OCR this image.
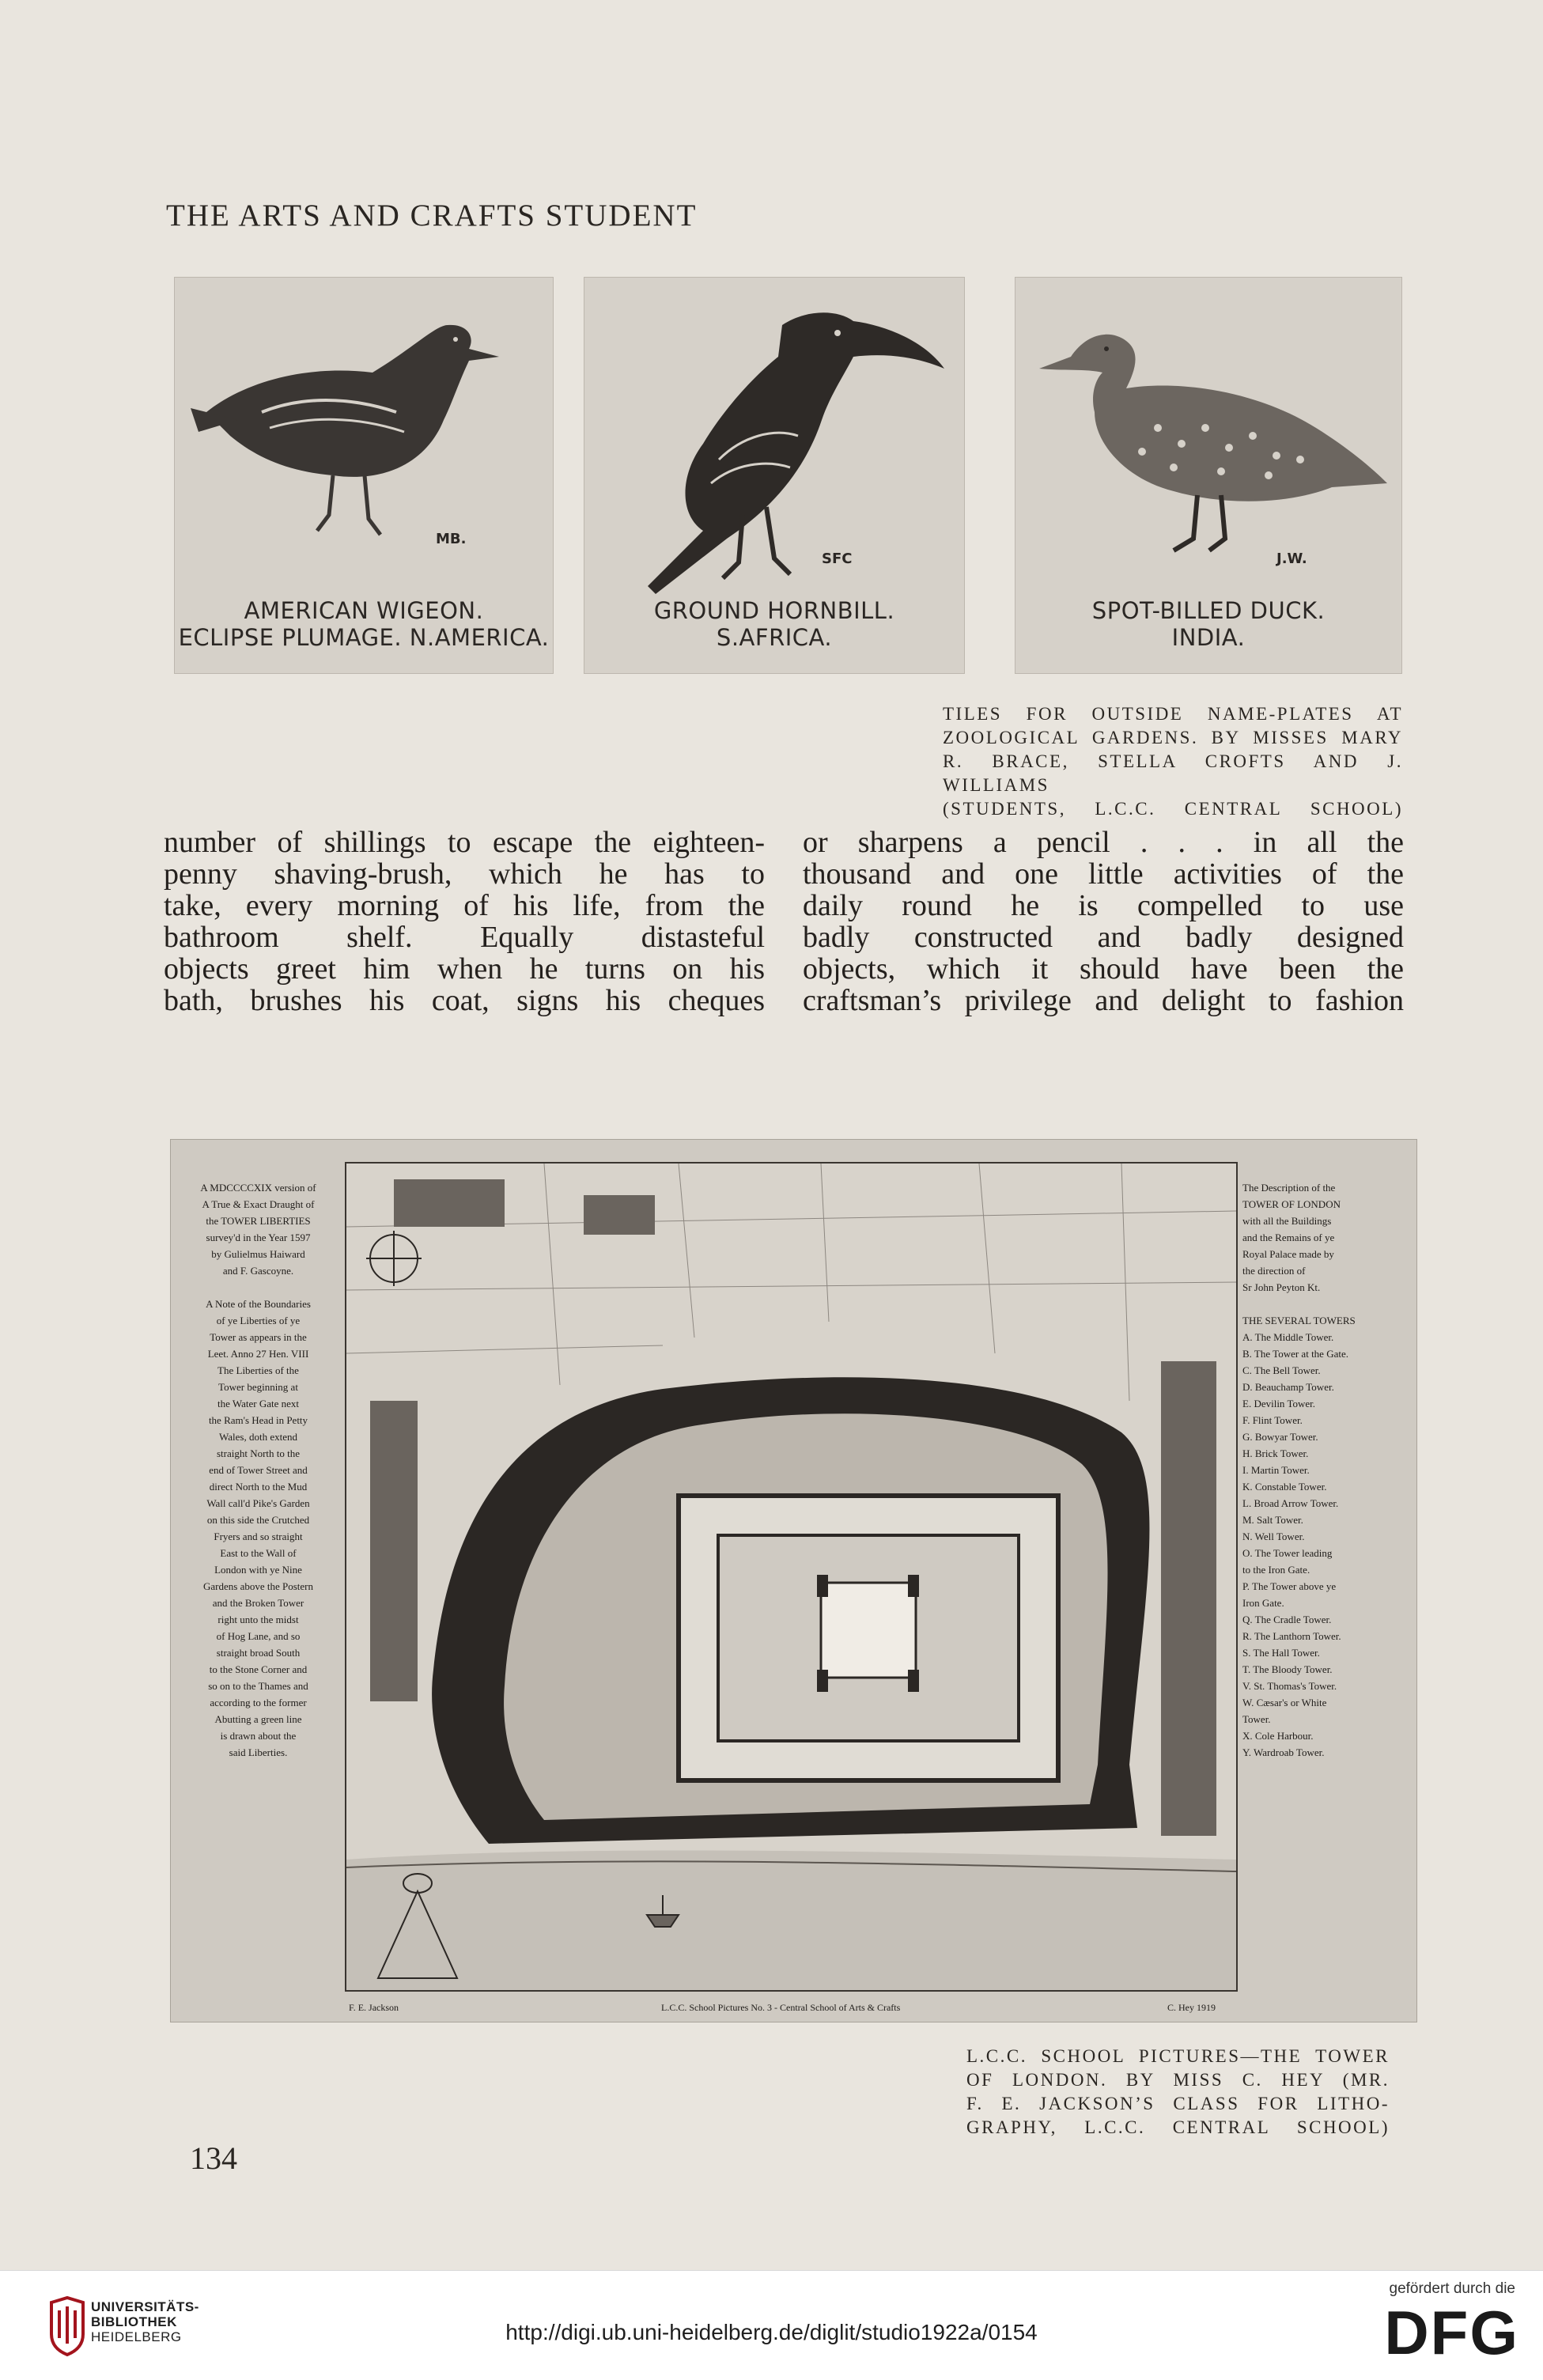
THE ARTS AND CRAFTS STUDENT
MB.
AMERICAN WIGEON.
ECLIPSE PLUMAGE. N.AMERICA.
SFC
GROUND HORNBILL.
S.AFRICA.
J.W.
SPOT-BILLED DUCK.
INDIA.
TILES FOR OUTSIDE NAME-PLATES AT
ZOOLOGICAL GARDENS. BY MISSES MARY
R. BRACE, STELLA CROFTS AND J. WILLIAMS
(STUDENTS, L.C.C. CENTRAL SCHOOL)
number of shillings to escape the eighteen-
penny shaving-brush, which he has to
take, every morning of his life, from the
bathroom shelf. Equally distasteful
objects greet him when he turns on his
bath, brushes his coat, signs his cheques
or sharpens a pencil . . . in all the
thousand and one little activities of the
daily round he is compelled to use
badly constructed and badly designed
objects, which it should have been the
craftsman’s privilege and delight to fashion
A MDCCCCXIX version of
A True & Exact Draught of
the TOWER LIBERTIES
survey'd in the Year 1597
by Gulielmus Haiward
and F. Gascoyne.

A Note of the Boundaries
of ye Liberties of ye
Tower as appears in the
Leet. Anno 27 Hen. VIII
The Liberties of the
Tower beginning at
the Water Gate next
the Ram's Head in Petty
Wales, doth extend
straight North to the
end of Tower Street and
direct North to the Mud
Wall call'd Pike's Garden
on this side the Crutched
Fryers and so straight
East to the Wall of
London with ye Nine
Gardens above the Postern
and the Broken Tower
right unto the midst
of Hog Lane, and so
straight broad South
to the Stone Corner and
so on to the Thames and
according to the former
Abutting a green line
is drawn about the
said Liberties.
The Description of the
TOWER OF LONDON
with all the Buildings
and the Remains of ye
Royal Palace made by
the direction of
Sr John Peyton Kt.

THE SEVERAL TOWERS
A. The Middle Tower.
B. The Tower at the Gate.
C. The Bell Tower.
D. Beauchamp Tower.
E. Devilin Tower.
F. Flint Tower.
G. Bowyar Tower.
H. Brick Tower.
I. Martin Tower.
K. Constable Tower.
L. Broad Arrow Tower.
M. Salt Tower.
N. Well Tower.
O. The Tower leading
to the Iron Gate.
P. The Tower above ye
Iron Gate.
Q. The Cradle Tower.
R. The Lanthorn Tower.
S. The Hall Tower.
T. The Bloody Tower.
V. St. Thomas's Tower.
W. Cæsar's or White
Tower.
X. Cole Harbour.
Y. Wardroab Tower.
F. E. Jackson	L.C.C. School Pictures No. 3 - Central School of Arts & Crafts	C. Hey 1919
L.C.C. SCHOOL PICTURES—THE TOWER
OF LONDON. BY MISS C. HEY (MR.
F. E. JACKSON’S CLASS FOR LITHO-
GRAPHY, L.C.C. CENTRAL SCHOOL)
134
UNIVERSITÄTS-
BIBLIOTHEK
HEIDELBERG	http://digi.ub.uni-heidelberg.de/diglit/studio1922a/0154
gefördert durch die
DFG
